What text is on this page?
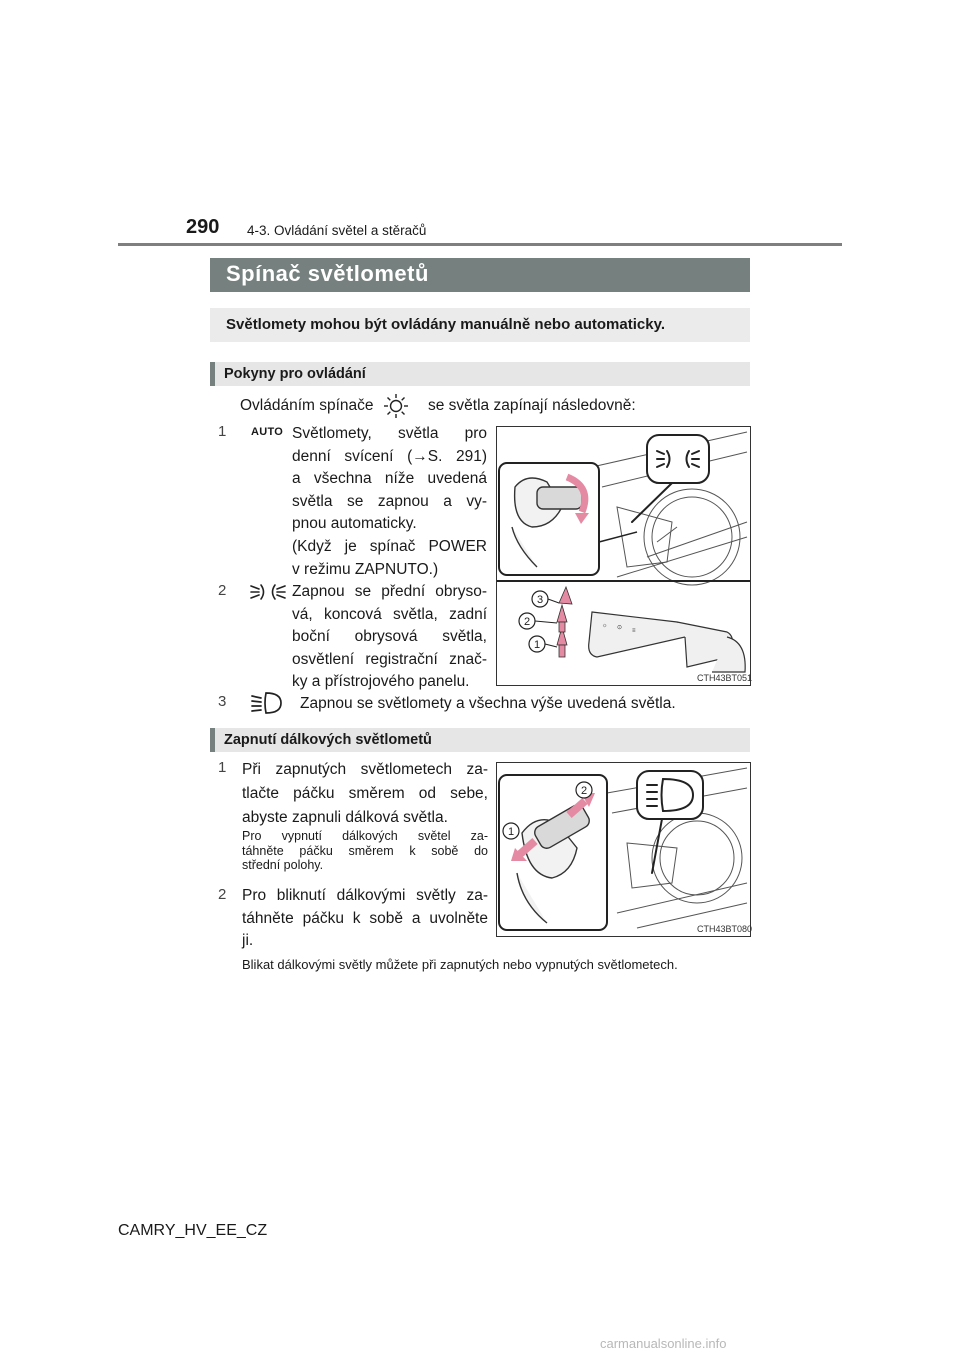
290 4-3. Ovládání světel a stěračů
Spínač světlometů
Světlomety mohou být ovládány manuálně nebo automaticky.
Pokyny pro ovládání
Ovládáním spínače	se světla zapínají následovně:
1 AUTO Světlomety, světla pro
denní svícení (→S. 291)
a všechna níže uvedená
světla se zapnou a vy-
pnou automaticky.
(Když je spínač POWER
v režimu ZAPNUTO.)
2	Zapnou se přední obryso-
vá, koncová světla, zadní
boční obrysová světla,
osvětlení registrační znač-
ky a přístrojového panelu.
☼ ⊙ ≡
3
2
1
CTH43BT051
3	Zapnou se světlomety a všechna výše uvedená světla.
Zapnutí dálkových světlometů
1 Při zapnutých světlometech za-
tlačte páčku směrem od sebe,
abyste zapnuli dálková světla.
Pro vypnutí dálkových světel za-
táhněte páčku směrem k sobě do
střední polohy.
2 Pro bliknutí dálkovými světly za-
táhněte páčku k sobě a uvolněte
ji.
2
1
CTH43BT080
Blikat dálkovými světly můžete při zapnutých nebo vypnutých světlometech.
CAMRY_HV_EE_CZ
carmanualsonline.info
